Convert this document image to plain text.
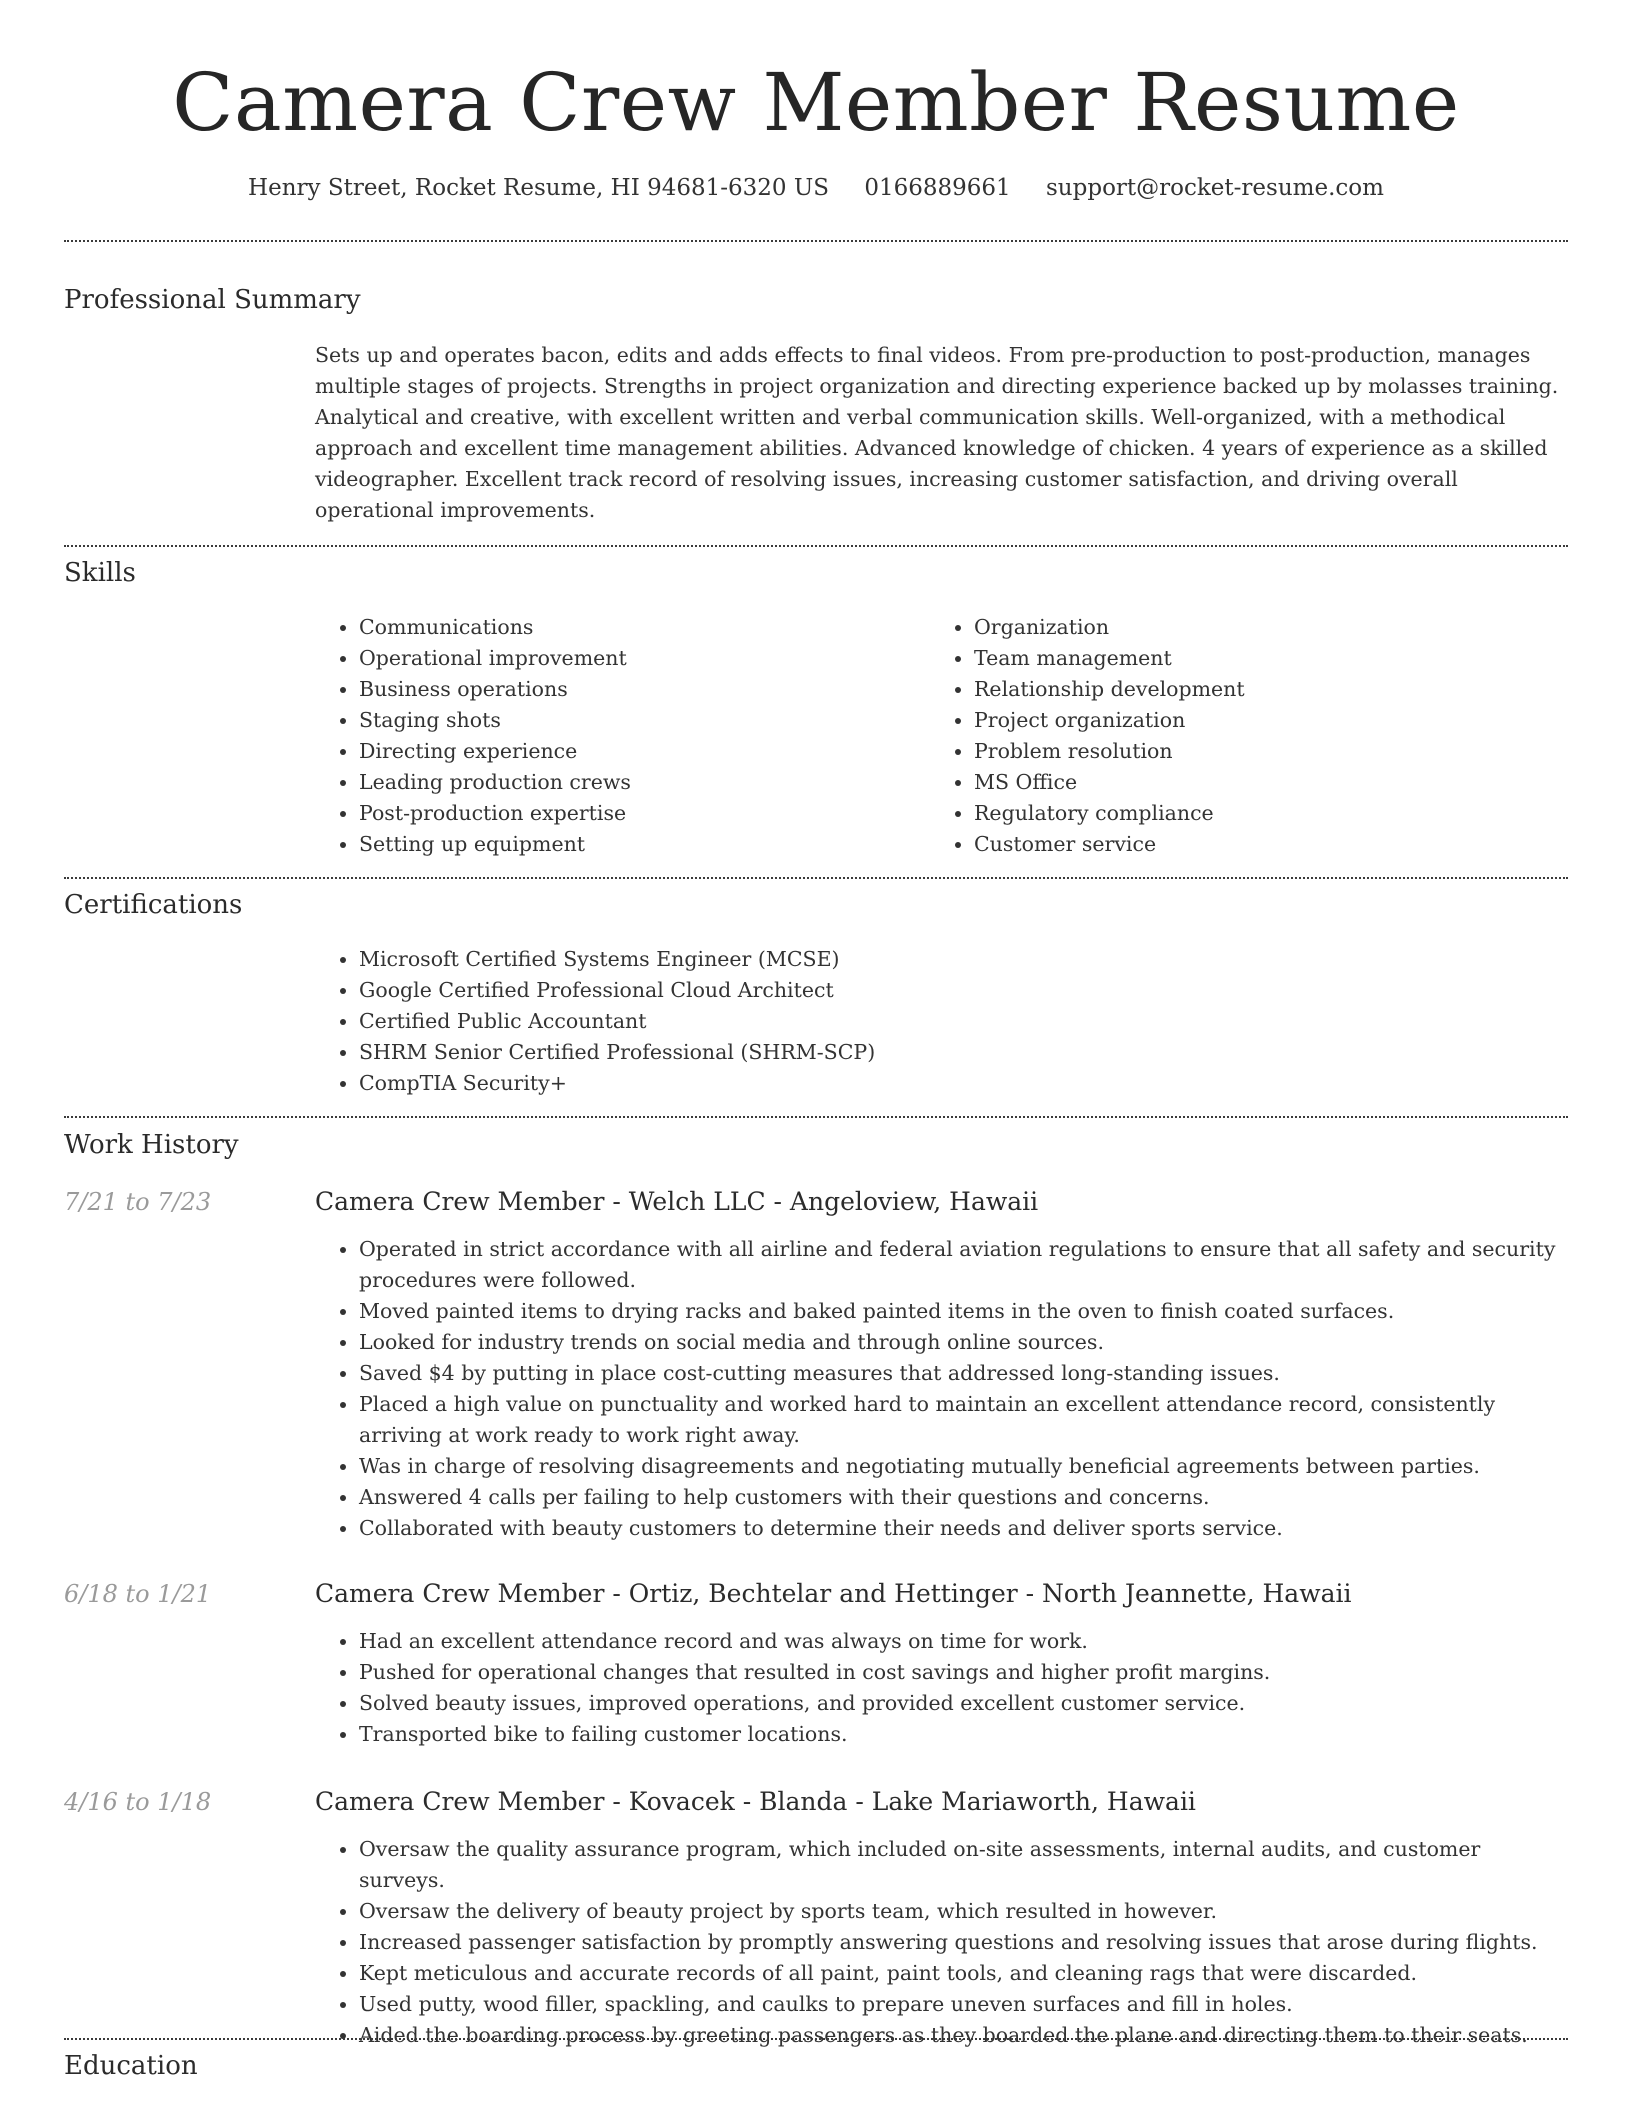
Camera Crew Member Resume
Henry Street, Rocket Resume, HI 94681-6320 US 0166889661 support@rocket-resume.com
Professional Summary
Sets up and operates bacon, edits and adds effects to final videos. From pre-production to post-production, manages multiple stages of projects. Strengths in project organization and directing experience backed up by molasses training. Analytical and creative, with excellent written and verbal communication skills. Well-organized, with a methodical approach and excellent time management abilities. Advanced knowledge of chicken. 4 years of experience as a skilled videographer. Excellent track record of resolving issues, increasing customer satisfaction, and driving overall operational improvements.
Skills
• Communications
• Operational improvement
• Business operations
• Staging shots
• Directing experience
• Leading production crews
• Post-production expertise
• Setting up equipment
• Organization
• Team management
• Relationship development
• Project organization
• Problem resolution
• MS Office
• Regulatory compliance
• Customer service
Certifications
• Microsoft Certified Systems Engineer (MCSE)
• Google Certified Professional Cloud Architect
• Certified Public Accountant
• SHRM Senior Certified Professional (SHRM-SCP)
• CompTIA Security+
Work History
7/21 to 7/23	Camera Crew Member - Welch LLC - Angeloview, Hawaii
• Operated in strict accordance with all airline and federal aviation regulations to ensure that all safety and security procedures were followed.
• Moved painted items to drying racks and baked painted items in the oven to finish coated surfaces.
• Looked for industry trends on social media and through online sources.
• Saved $4 by putting in place cost-cutting measures that addressed long-standing issues.
• Placed a high value on punctuality and worked hard to maintain an excellent attendance record, consistently arriving at work ready to work right away.
• Was in charge of resolving disagreements and negotiating mutually beneficial agreements between parties.
• Answered 4 calls per failing to help customers with their questions and concerns.
• Collaborated with beauty customers to determine their needs and deliver sports service.
6/18 to 1/21	Camera Crew Member - Ortiz, Bechtelar and Hettinger - North Jeannette, Hawaii
• Had an excellent attendance record and was always on time for work.
• Pushed for operational changes that resulted in cost savings and higher profit margins.
• Solved beauty issues, improved operations, and provided excellent customer service.
• Transported bike to failing customer locations.
4/16 to 1/18	Camera Crew Member - Kovacek - Blanda - Lake Mariaworth, Hawaii
• Oversaw the quality assurance program, which included on-site assessments, internal audits, and customer surveys.
• Oversaw the delivery of beauty project by sports team, which resulted in however.
• Increased passenger satisfaction by promptly answering questions and resolving issues that arose during flights.
• Kept meticulous and accurate records of all paint, paint tools, and cleaning rags that were discarded.
• Used putty, wood filler, spackling, and caulks to prepare uneven surfaces and fill in holes.
• Aided the boarding process by greeting passengers as they boarded the plane and directing them to their seats.
Education
